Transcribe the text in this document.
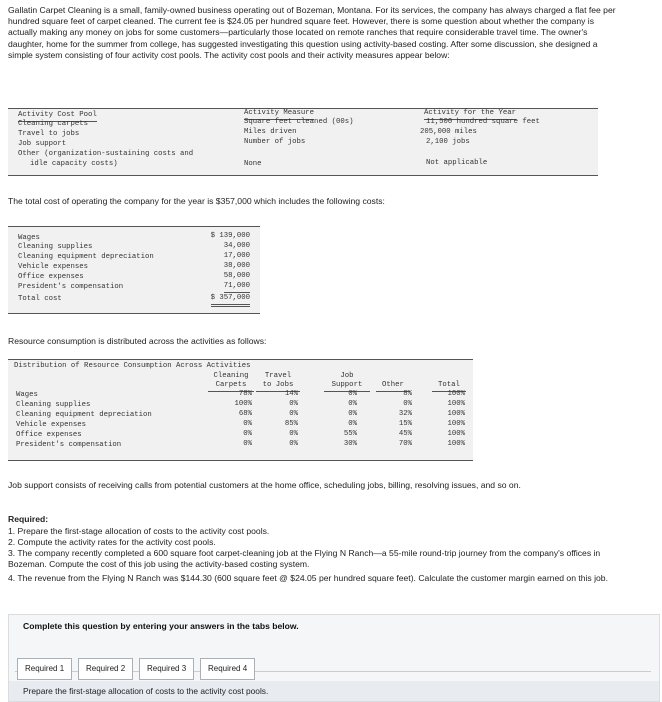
Gallatin Carpet Cleaning is a small, family-owned business operating out of Bozeman, Montana. For its services, the company has always charged a flat fee per hundred square feet of carpet cleaned. The current fee is $24.05 per hundred square feet. However, there is some question about whether the company is actually making any money on jobs for some customers—particularly those located on remote ranches that require considerable travel time. The owner's daughter, home for the summer from college, has suggested investigating this question using activity-based costing. After some discussion, she designed a simple system consisting of four activity cost pools. The activity cost pools and their activity measures appear below:

Activity Cost Pool	Activity Measure	Activity for the Year
Cleaning carpets	Square feet cleaned (00s)	11,500 hundred square feet
Travel to jobs	Miles driven	205,000 miles
Job support	Number of jobs	2,100 jobs
Other (organization-sustaining costs and
idle capacity costs)	None	Not applicable

The total cost of operating the company for the year is $357,000 which includes the following costs:

Wages	$ 139,000
Cleaning supplies	34,000
Cleaning equipment depreciation	17,000
Vehicle expenses	38,000
Office expenses	58,000
President's compensation	71,000
Total cost	$ 357,000

Resource consumption is distributed across the activities as follows:

Distribution of Resource Consumption Across Activities
Cleaning
Carpets
Travel
to Jobs
Job
Support	Other	Total
Wages	78%	14%	0%	8%	100%
Cleaning supplies	100%	0%	0%	0%	100%
Cleaning equipment depreciation	68%	0%	0%	32%	100%
Vehicle expenses	0%	85%	0%	15%	100%
Office expenses	0%	0%	55%	45%	100%
President's compensation	0%	0%	30%	70%	100%

Job support consists of receiving calls from potential customers at the home office, scheduling jobs, billing, resolving issues, and so on.

Required:

1. Prepare the first-stage allocation of costs to the activity cost pools.

2. Compute the activity rates for the activity cost pools.

3. The company recently completed a 600 square foot carpet-cleaning job at the Flying N Ranch—a 55-mile round-trip journey from the company's offices in Bozeman. Compute the cost of this job using the activity-based costing system.

4. The revenue from the Flying N Ranch was $144.30 (600 square feet @ $24.05 per hundred square feet). Calculate the customer margin earned on this job.

Complete this question by entering your answers in the tabs below.
Required 1	Required 2	Required 3	Required 4
Prepare the first-stage allocation of costs to the activity cost pools.
